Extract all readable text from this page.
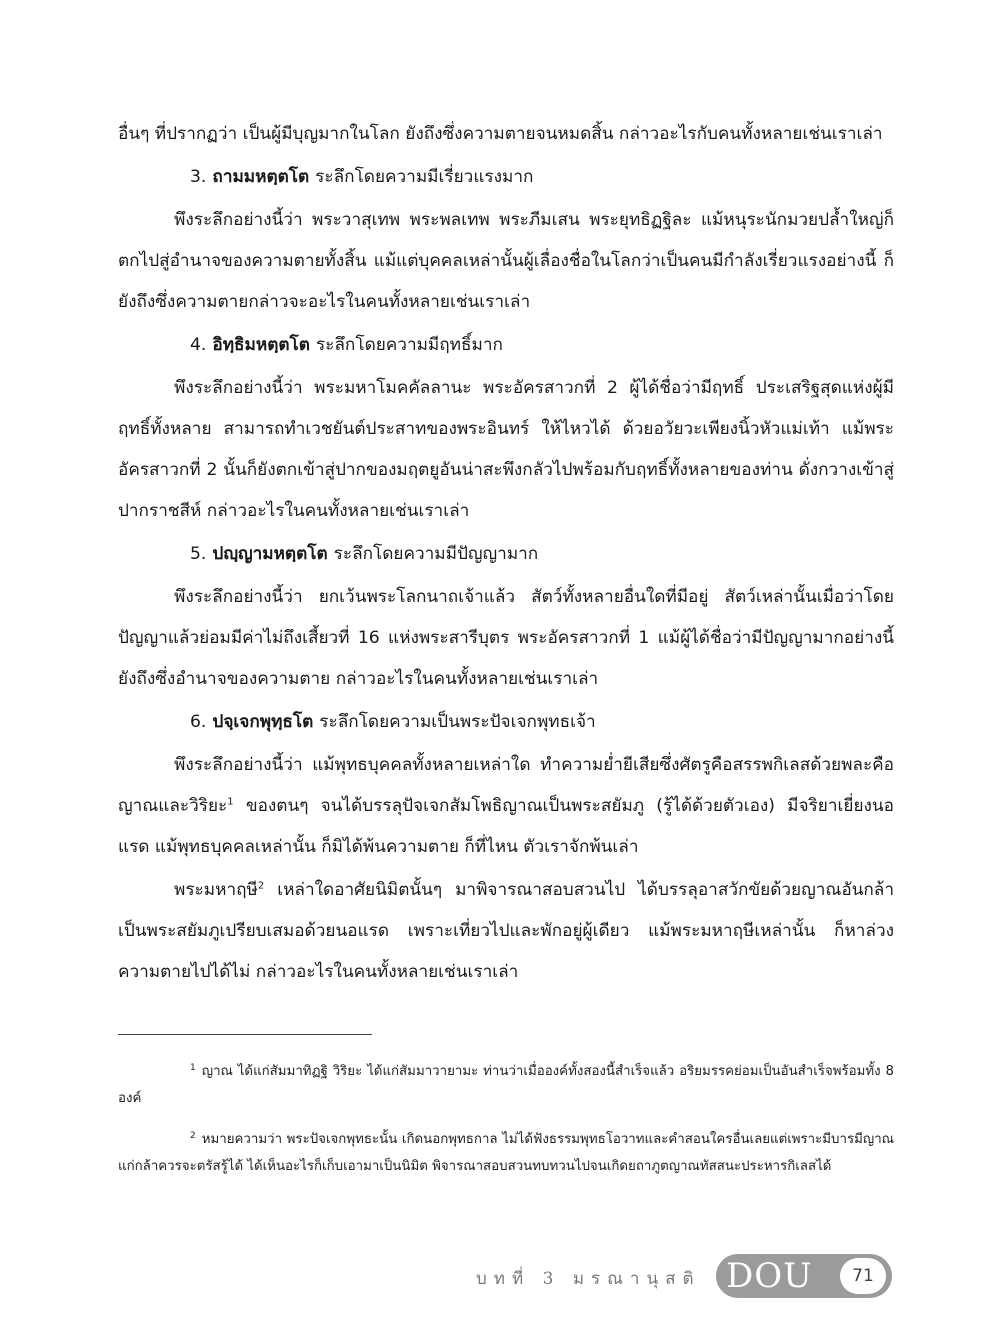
อื่นๆ ที่ปรากฏว่า เป็นผู้มีบุญมากในโลก ยังถึงซึ่งความตายจนหมดสิ้น กล่าวอะไรกับคนทั้งหลายเช่นเราเล่า

3. ถามมหตฺตโต ระลึกโดยความมีเรี่ยวแรงมาก

พึงระลึกอย่างนี้ว่า พระวาสุเทพ พระพลเทพ พระภีมเสน พระยุทธิฏฐิละ แม้หนุระนักมวยปล้ำใหญ่ก็ตกไปสู่อำนาจของความตายทั้งสิ้น แม้แต่บุคคลเหล่านั้นผู้เลื่องชื่อในโลกว่าเป็นคนมีกำลังเรี่ยวแรงอย่างนี้ ก็ยังถึงซึ่งความตายกล่าวจะอะไรในคนทั้งหลายเช่นเราเล่า

4. อิทฺธิมหตฺตโต ระลึกโดยความมีฤทธิ์มาก

พึงระลึกอย่างนี้ว่า พระมหาโมคคัลลานะ พระอัครสาวกที่ 2 ผู้ได้ชื่อว่ามีฤทธิ์ ประเสริฐสุดแห่งผู้มีฤทธิ์ทั้งหลาย สามารถทำเวชยันต์ประสาทของพระอินทร์ ให้ไหวได้ ด้วยอวัยวะเพียงนิ้วหัวแม่เท้า แม้พระอัครสาวกที่ 2 นั้นก็ยังตกเข้าสู่ปากของมฤตยูอันน่าสะพึงกลัวไปพร้อมกับฤทธิ์ทั้งหลายของท่าน ดั่งกวางเข้าสู่ปากราชสีห์ กล่าวอะไรในคนทั้งหลายเช่นเราเล่า

5. ปญฺญามหตฺตโต ระลึกโดยความมีปัญญามาก

พึงระลึกอย่างนี้ว่า ยกเว้นพระโลกนาถเจ้าแล้ว สัตว์ทั้งหลายอื่นใดที่มีอยู่ สัตว์เหล่านั้นเมื่อว่าโดยปัญญาแล้วย่อมมีค่าไม่ถึงเสี้ยวที่ 16 แห่งพระสารีบุตร พระอัครสาวกที่ 1 แม้ผู้ได้ชื่อว่ามีปัญญามากอย่างนี้ ยังถึงซึ่งอำนาจของความตาย กล่าวอะไรในคนทั้งหลายเช่นเราเล่า

6. ปจฺเจกพุทฺธโต ระลึกโดยความเป็นพระปัจเจกพุทธเจ้า

พึงระลึกอย่างนี้ว่า แม้พุทธบุคคลทั้งหลายเหล่าใด ทำความย่ำยีเสียซึ่งศัตรูคือสรรพกิเลสด้วยพละคือญาณและวิริยะ$^1$ ของตนๆ จนได้บรรลุปัจเจกสัมโพธิญาณเป็นพระสยัมภู (รู้ได้ด้วยตัวเอง) มีจริยาเยี่ยงนอแรด แม้พุทธบุคคลเหล่านั้น ก็มิได้พ้นความตาย ก็ที่ไหน ตัวเราจักพ้นเล่า

พระมหาฤษี$^2$ เหล่าใดอาศัยนิมิตนั้นๆ มาพิจารณาสอบสวนไป ได้บรรลุอาสวักขัยด้วยญาณอันกล้า เป็นพระสยัมภูเปรียบเสมอด้วยนอแรด เพราะเที่ยวไปและพักอยู่ผู้เดียว แม้พระมหาฤษีเหล่านั้น ก็หาล่วงความตายไปได้ไม่ กล่าวอะไรในคนทั้งหลายเช่นเราเล่า

$^1$ ญาณ ได้แก่สัมมาทิฏฐิ วิริยะ ได้แก่สัมมาวายามะ ท่านว่าเมื่อองค์ทั้งสองนี้สำเร็จแล้ว อริยมรรคย่อมเป็นอันสำเร็จพร้อมทั้ง 8 องค์

$^2$ หมายความว่า พระปัจเจกพุทธะนั้น เกิดนอกพุทธกาล ไม่ได้ฟังธรรมพุทธโอวาทและคำสอนใครอื่นเลยแต่เพราะมีบารมีญาณแก่กล้าควรจะตรัสรู้ได้ ได้เห็นอะไรก็เก็บเอามาเป็นนิมิต พิจารณาสอบสวนทบทวนไปจนเกิดยถาภูตญาณทัสสนะประหารกิเลสได้

บทที่ 3 มรณานุสติ DOU	71
